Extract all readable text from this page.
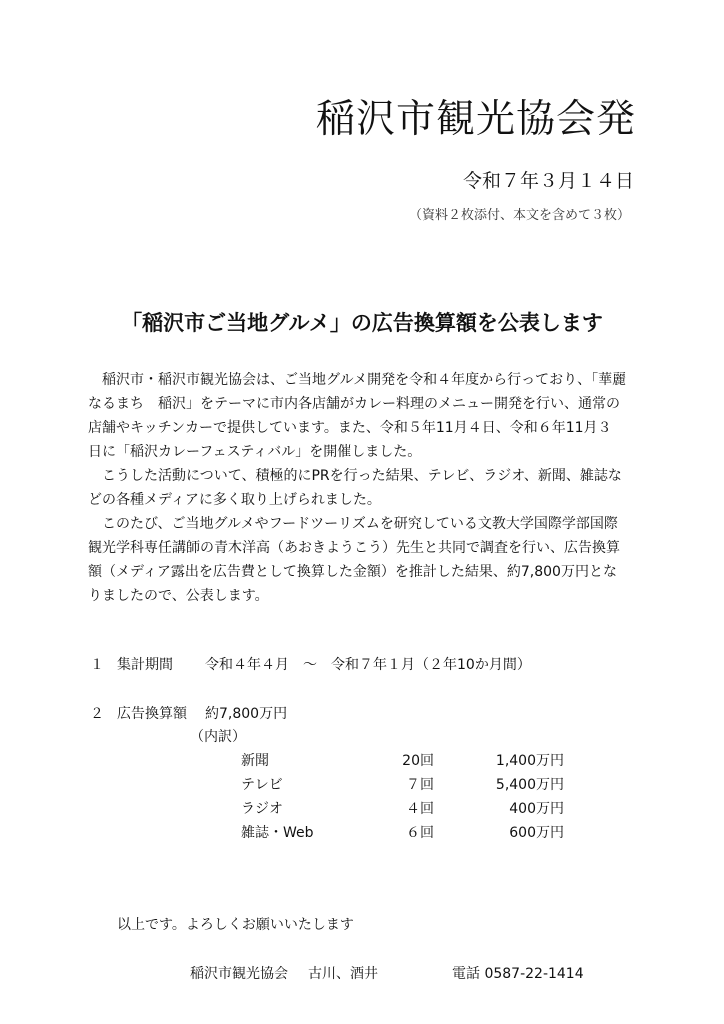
稲沢市観光協会発
令和７年３月１４日
（資料２枚添付、本文を含めて３枚）
「稲沢市ご当地グルメ」の広告換算額を公表します

　稲沢市・稲沢市観光協会は、ご当地グルメ開発を令和４年度から行っており、「華麗

なるまち　稲沢」をテーマに市内各店舗がカレー料理のメニュー開発を行い、通常の

店舗やキッチンカーで提供しています。また、令和５年11月４日、令和６年11月３

日に「稲沢カレーフェスティバル」を開催しました。

　こうした活動について、積極的にPRを行った結果、テレビ、ラジオ、新聞、雑誌な

どの各種メディアに多く取り上げられました。

　このたび、ご当地グルメやフードツーリズムを研究している文教大学国際学部国際

観光学科専任講師の青木洋高（あおきようこう）先生と共同で調査を行い、広告換算

額（メディア露出を広告費として換算した金額）を推計した結果、約7,800万円とな

りましたので、公表します。

１ 集計期間 令和４年４月　～　令和７年１月（２年10か月間）
２ 広告換算額 約7,800万円
（内訳）
新聞	20回	1,400万円
テレビ	７回	5,400万円
ラジオ	４回	400万円
雑誌・Web	６回	600万円
以上です。よろしくお願いいたします
稲沢市観光協会 古川、酒井	電話 0587-22-1414
